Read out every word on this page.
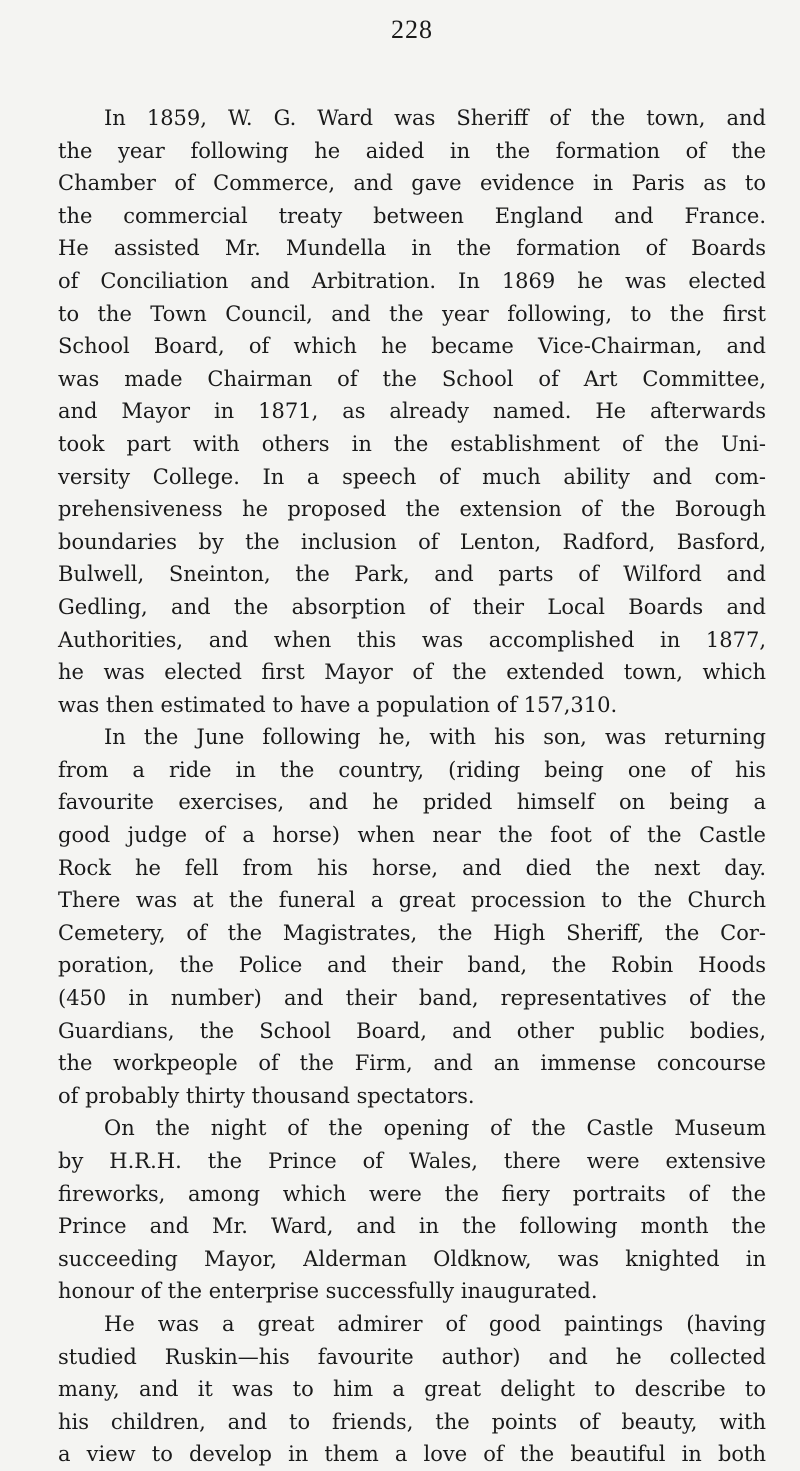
228
In 1859, W. G. Ward was Sheriff of the town, and
the year following he aided in the formation of the
Chamber of Commerce, and gave evidence in Paris as to
the commercial treaty between England and France.
He assisted Mr. Mundella in the formation of Boards
of Conciliation and Arbitration. In 1869 he was elected
to the Town Council, and the year following, to the first
School Board, of which he became Vice-Chairman, and
was made Chairman of the School of Art Committee,
and Mayor in 1871, as already named. He afterwards
took part with others in the establishment of the Uni-
versity College. In a speech of much ability and com-
prehensiveness he proposed the extension of the Borough
boundaries by the inclusion of Lenton, Radford, Basford,
Bulwell, Sneinton, the Park, and parts of Wilford and
Gedling, and the absorption of their Local Boards and
Authorities, and when this was accomplished in 1877,
he was elected first Mayor of the extended town, which
was then estimated to have a population of 157,310.
In the June following he, with his son, was returning
from a ride in the country, (riding being one of his
favourite exercises, and he prided himself on being a
good judge of a horse) when near the foot of the Castle
Rock he fell from his horse, and died the next day.
There was at the funeral a great procession to the Church
Cemetery, of the Magistrates, the High Sheriff, the Cor-
poration, the Police and their band, the Robin Hoods
(450 in number) and their band, representatives of the
Guardians, the School Board, and other public bodies,
the workpeople of the Firm, and an immense concourse
of probably thirty thousand spectators.
On the night of the opening of the Castle Museum
by H.R.H. the Prince of Wales, there were extensive
fireworks, among which were the fiery portraits of the
Prince and Mr. Ward, and in the following month the
succeeding Mayor, Alderman Oldknow, was knighted in
honour of the enterprise successfully inaugurated.
He was a great admirer of good paintings (having
studied Ruskin—his favourite author) and he collected
many, and it was to him a great delight to describe to
his children, and to friends, the points of beauty, with
a view to develop in them a love of the beautiful in both
